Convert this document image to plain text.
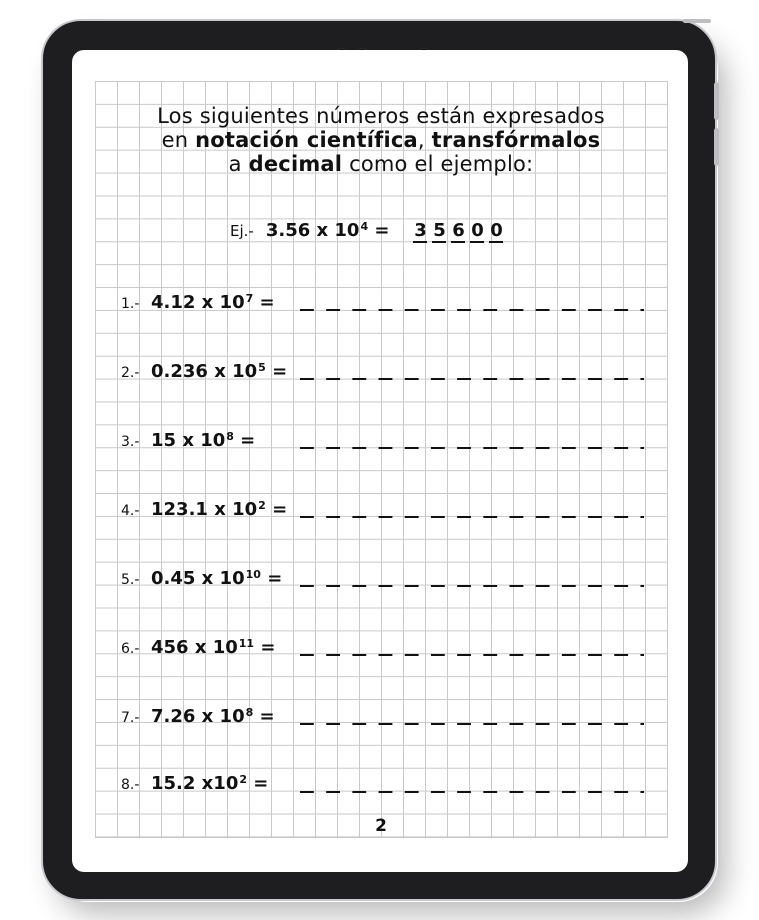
Los siguientes números están expresados
en notación científica, transfórmalos
a decimal como el ejemplo:
Ej.- 3.56 x $10^4 = 3$ 5 6 0 0
1.- 4.12 x $10^7$ =
2.- 0.236 x $10^5$ =
3.- 15 x $10^8$ =
4.- 123.1 x $10^2$ =
5.- 0.45 x $10^{10}$ =
6.- 456 x $10^{11}$ =
7.- 7.26 x $10^8$ =
8.- 15.2 $x10^2$ =
2
